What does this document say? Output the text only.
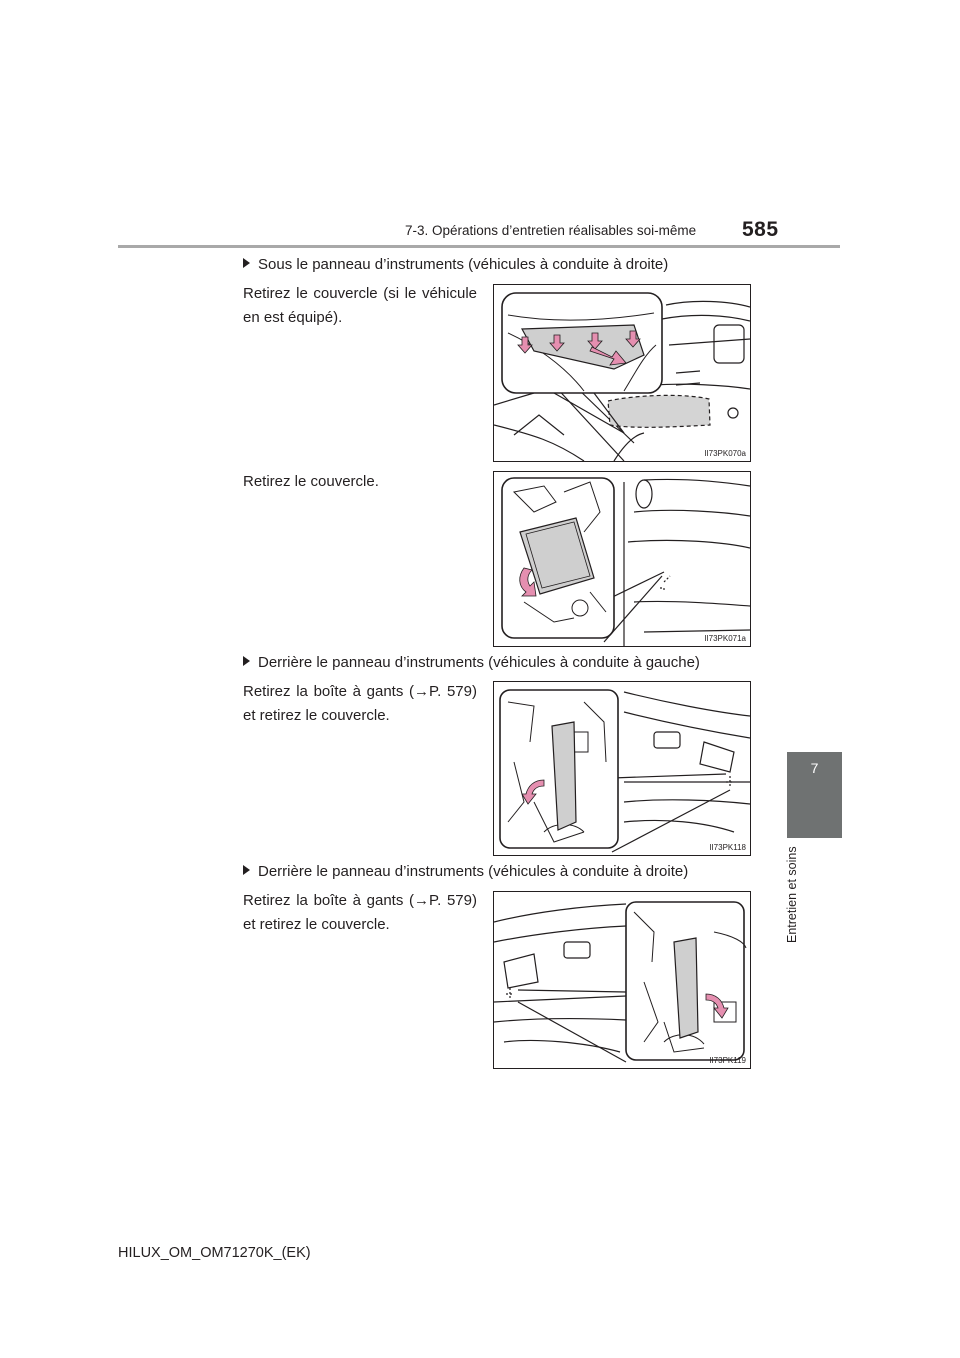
7-3. Opérations d’entretien réalisables soi-même 585
7
Entretien et soins
Sous le panneau d’instruments (véhicules à conduite à droite)
Retirez le couvercle (si le véhicule en est équipé).
II73PK070a
Retirez le couvercle.
II73PK071a
Derrière le panneau d’instruments (véhicules à conduite à gauche)
Retirez la boîte à gants (→P. 579) et retirez le couvercle.
II73PK118
Derrière le panneau d’instruments (véhicules à conduite à droite)
Retirez la boîte à gants (→P. 579) et retirez le couvercle.
II73PK119
HILUX_OM_OM71270K_(EK)
